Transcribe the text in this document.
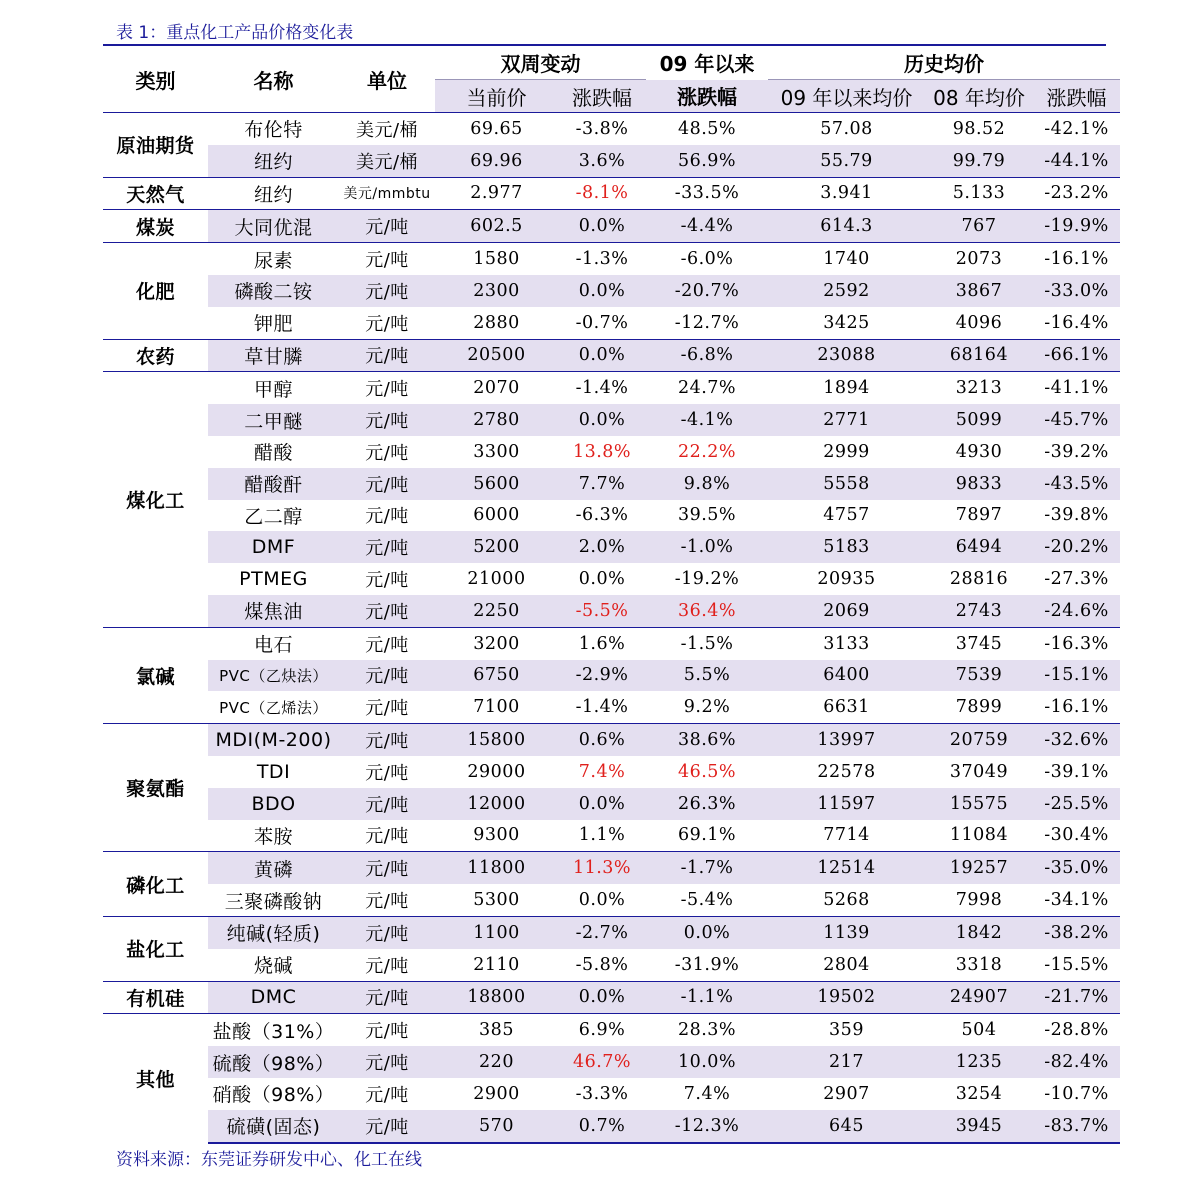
表 1：重点化工产品价格变化表
类别	名称	单位	双周变动		09 年以来	历史均价		
			当前价	涨跌幅	涨跌幅	09 年以来均价	08 年均价	涨跌幅
原油期货	布伦特	美元/桶	69.65	-3.8%	48.5%	57.08	98.52	-42.1%
	纽约	美元/桶	69.96	3.6%	56.9%	55.79	99.79	-44.1%
天然气	纽约	美元/mmbtu	2.977	-8.1%	-33.5%	3.941	5.133	-23.2%
煤炭	大同优混	元/吨	602.5	0.0%	-4.4%	614.3	767	-19.9%
化肥	尿素	元/吨	1580	-1.3%	-6.0%	1740	2073	-16.1%
	磷酸二铵	元/吨	2300	0.0%	-20.7%	2592	3867	-33.0%
	钾肥	元/吨	2880	-0.7%	-12.7%	3425	4096	-16.4%
农药	草甘膦	元/吨	20500	0.0%	-6.8%	23088	68164	-66.1%
煤化工	甲醇	元/吨	2070	-1.4%	24.7%	1894	3213	-41.1%
	二甲醚	元/吨	2780	0.0%	-4.1%	2771	5099	-45.7%
	醋酸	元/吨	3300	13.8%	22.2%	2999	4930	-39.2%
	醋酸酐	元/吨	5600	7.7%	9.8%	5558	9833	-43.5%
	乙二醇	元/吨	6000	-6.3%	39.5%	4757	7897	-39.8%
	DMF	元/吨	5200	2.0%	-1.0%	5183	6494	-20.2%
	PTMEG	元/吨	21000	0.0%	-19.2%	20935	28816	-27.3%
	煤焦油	元/吨	2250	-5.5%	36.4%	2069	2743	-24.6%
氯碱	电石	元/吨	3200	1.6%	-1.5%	3133	3745	-16.3%
	PVC（乙炔法）	元/吨	6750	-2.9%	5.5%	6400	7539	-15.1%
	PVC（乙烯法）	元/吨	7100	-1.4%	9.2%	6631	7899	-16.1%
聚氨酯	MDI(M-200)	元/吨	15800	0.6%	38.6%	13997	20759	-32.6%
	TDI	元/吨	29000	7.4%	46.5%	22578	37049	-39.1%
	BDO	元/吨	12000	0.0%	26.3%	11597	15575	-25.5%
	苯胺	元/吨	9300	1.1%	69.1%	7714	11084	-30.4%
磷化工	黄磷	元/吨	11800	11.3%	-1.7%	12514	19257	-35.0%
	三聚磷酸钠	元/吨	5300	0.0%	-5.4%	5268	7998	-34.1%
盐化工	纯碱(轻质)	元/吨	1100	-2.7%	0.0%	1139	1842	-38.2%
	烧碱	元/吨	2110	-5.8%	-31.9%	2804	3318	-15.5%
有机硅	DMC	元/吨	18800	0.0%	-1.1%	19502	24907	-21.7%
其他	盐酸（31%）	元/吨	385	6.9%	28.3%	359	504	-28.8%
	硫酸（98%）	元/吨	220	46.7%	10.0%	217	1235	-82.4%
	硝酸（98%）	元/吨	2900	-3.3%	7.4%	2907	3254	-10.7%
	硫磺(固态)	元/吨	570	0.7%	-12.3%	645	3945	-83.7%
资料来源：东莞证券研发中心、化工在线
